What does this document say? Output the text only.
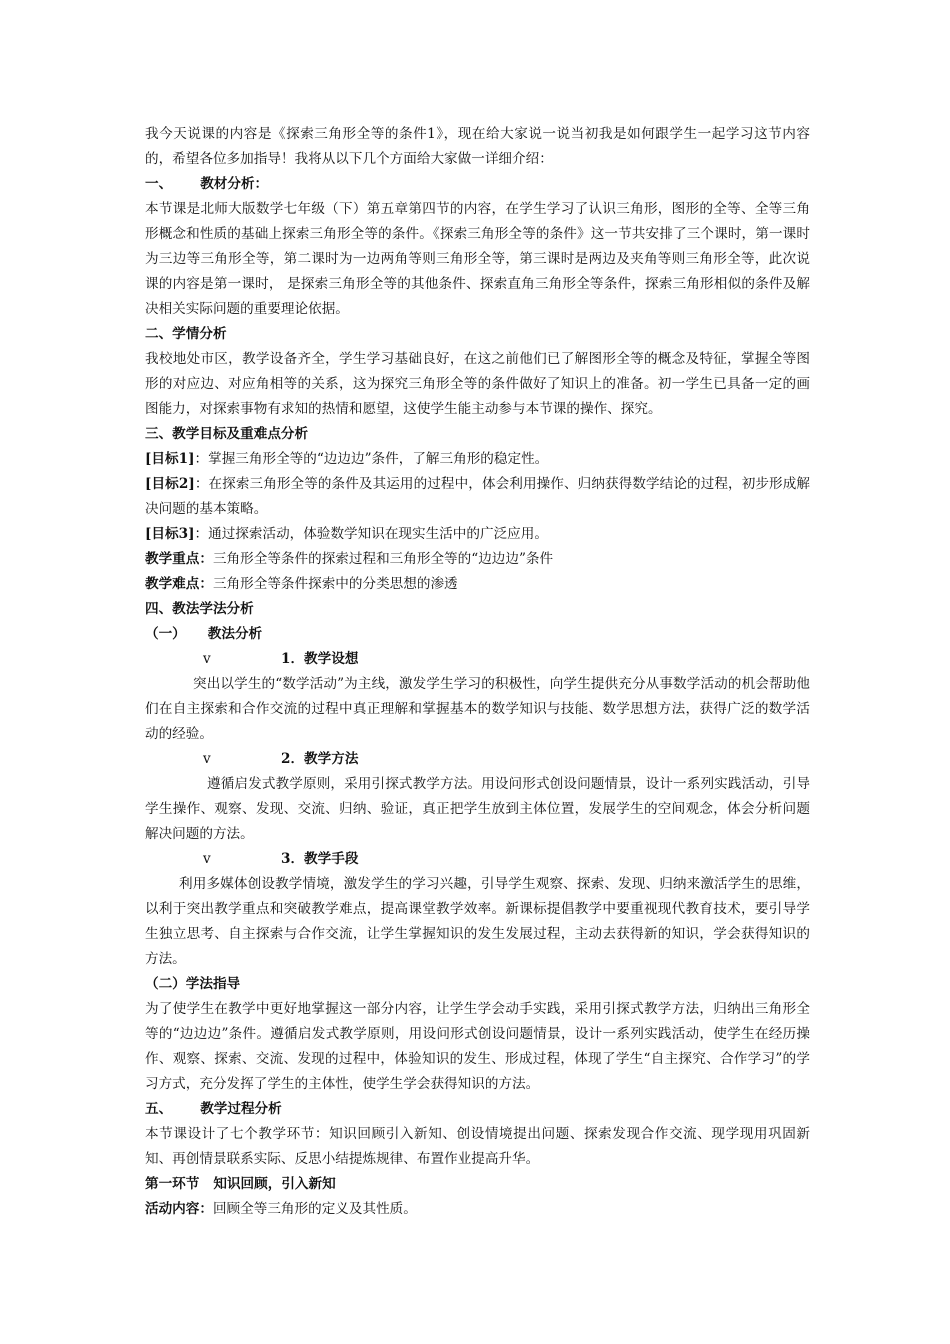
我今天说课的内容是《探索三角形全等的条件1》，现在给大家说一说当初我是如何跟学生一起学习这节内容的，希望各位多加指导！我将从以下几个方面给大家做一详细介绍：

一、 教材分析：

本节课是北师大版数学七年级（下）第五章第四节的内容，在学生学习了认识三角形，图形的全等、全等三角形概念和性质的基础上探索三角形全等的条件。《探索三角形全等的条件》这一节共安排了三个课时，第一课时为三边等三角形全等，第二课时为一边两角等则三角形全等，第三课时是两边及夹角等则三角形全等，此次说课的内容是第一课时， 是探索三角形全等的其他条件、探索直角三角形全等条件，探索三角形相似的条件及解决相关实际问题的重要理论依据。

二、学情分析

我校地处市区，教学设备齐全，学生学习基础良好，在这之前他们已了解图形全等的概念及特征，掌握全等图形的对应边、对应角相等的关系，这为探究三角形全等的条件做好了知识上的准备。初一学生已具备一定的画图能力，对探索事物有求知的热情和愿望，这使学生能主动参与本节课的操作、探究。

三、教学目标及重难点分析

[目标1]：掌握三角形全等的“边边边”条件，了解三角形的稳定性。

[目标2]：在探索三角形全等的条件及其运用的过程中，体会利用操作、归纳获得数学结论的过程，初步形成解决问题的基本策略。

[目标3]：通过探索活动，体验数学知识在现实生活中的广泛应用。

教学重点：三角形全等条件的探索过程和三角形全等的“边边边”条件

教学难点：三角形全等条件探索中的分类思想的渗透

四、教法学法分析

（一） 教法分析

v	1．教学设想

突出以学生的“数学活动”为主线，激发学生学习的积极性，向学生提供充分从事数学活动的机会帮助他们在自主探索和合作交流的过程中真正理解和掌握基本的数学知识与技能、数学思想方法，获得广泛的数学活动的经验。

v	2．教学方法

遵循启发式教学原则，采用引探式教学方法。用设问形式创设问题情景，设计一系列实践活动，引导学生操作、观察、发现、交流、归纳、验证，真正把学生放到主体位置，发展学生的空间观念，体会分析问题解决问题的方法。

v	3．教学手段

利用多媒体创设教学情境，激发学生的学习兴趣，引导学生观察、探索、发现、归纳来激活学生的思维，以利于突出教学重点和突破教学难点，提高课堂教学效率。新课标提倡教学中要重视现代教育技术，要引导学生独立思考、自主探索与合作交流，让学生掌握知识的发生发展过程，主动去获得新的知识，学会获得知识的方法。

（二）学法指导

为了使学生在教学中更好地掌握这一部分内容，让学生学会动手实践，采用引探式教学方法，归纳出三角形全等的“边边边”条件。遵循启发式教学原则，用设问形式创设问题情景，设计一系列实践活动，使学生在经历操作、观察、探索、交流、发现的过程中，体验知识的发生、形成过程，体现了学生“自主探究、合作学习”的学习方式，充分发挥了学生的主体性，使学生学会获得知识的方法。

五、 教学过程分析

本节课设计了七个教学环节：知识回顾引入新知、创设情境提出问题、探索发现合作交流、现学现用巩固新知、再创情景联系实际、反思小结提炼规律、布置作业提高升华。

第一环节 知识回顾，引入新知

活动内容：回顾全等三角形的定义及其性质。
